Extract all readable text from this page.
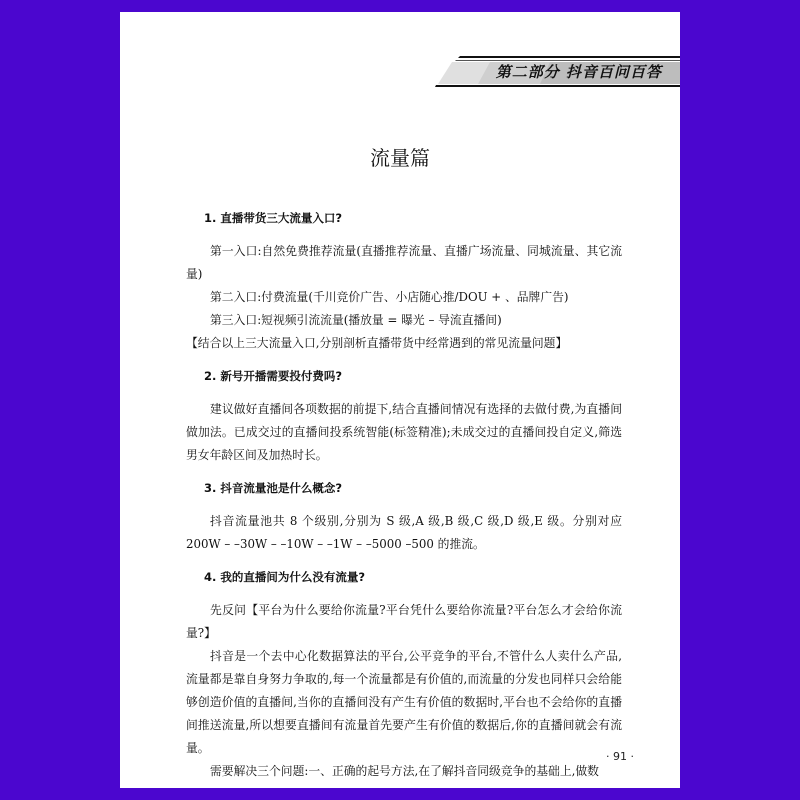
第二部分 抖音百问百答
流量篇
1. 直播带货三大流量入口?

第一入口:自然免费推荐流量(直播推荐流量、直播广场流量、同城流量、其它流量)

第二入口:付费流量(千川竞价广告、小店随心推/DOU + 、品牌广告)

第三入口:短视频引流流量(播放量 = 曝光 – 导流直播间)

【结合以上三大流量入口,分别剖析直播带货中经常遇到的常见流量问题】

2. 新号开播需要投付费吗?

建议做好直播间各项数据的前提下,结合直播间情况有选择的去做付费,为直播间做加法。已成交过的直播间投系统智能(标签精准);未成交过的直播间投自定义,筛选男女年龄区间及加热时长。

3. 抖音流量池是什么概念?

抖音流量池共 8 个级别,分别为 S 级,A 级,B 级,C 级,D 级,E 级。分别对应 200W – –30W – –10W – –1W – –5000 –500 的推流。

4. 我的直播间为什么没有流量?

先反问【平台为什么要给你流量?平台凭什么要给你流量?平台怎么才会给你流量?】

抖音是一个去中心化数据算法的平台,公平竞争的平台,不管什么人卖什么产品,流量都是靠自身努力争取的,每一个流量都是有价值的,而流量的分发也同样只会给能够创造价值的直播间,当你的直播间没有产生有价值的数据时,平台也不会给你的直播间推送流量,所以想要直播间有流量首先要产生有价值的数据后,你的直播间就会有流量。

需要解决三个问题:一、正确的起号方法,在了解抖音同级竞争的基础上,做数

· 91 ·
